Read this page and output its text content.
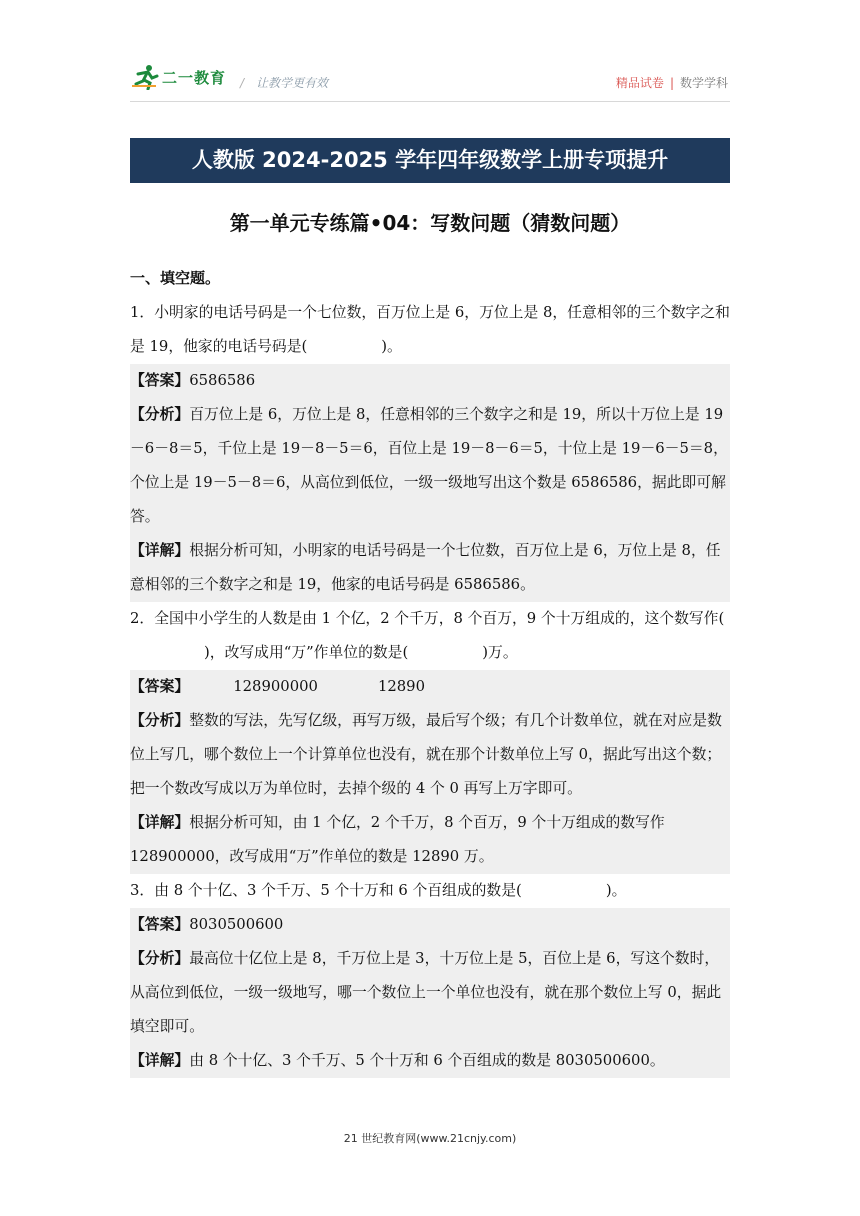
二一教育 / 让教学更有效	精品试卷 | 数学学科
人教版 2024-2025 学年四年级数学上册专项提升
第一单元专练篇•04：写数问题（猜数问题）
一、填空题。

1．小明家的电话号码是一个七位数，百万位上是 6，万位上是 8，任意相邻的三个数字之和是 19，他家的电话号码是(	)。

【答案】6586586

【分析】百万位上是 6，万位上是 8，任意相邻的三个数字之和是 19，所以十万位上是 19－6－8＝5，千位上是 19－8－5＝6，百位上是 19－8－6＝5，十位上是 19－6－5＝8，个位上是 19－5－8＝6，从高位到低位，一级一级地写出这个数是 6586586，据此即可解答。

【详解】根据分析可知，小明家的电话号码是一个七位数，百万位上是 6，万位上是 8，任意相邻的三个数字之和是 19，他家的电话号码是 6586586。

2．全国中小学生的人数是由 1 个亿，2 个千万，8 个百万，9 个十万组成的，这个数写作()，改写成用“万”作单位的数是(	)万。

【答案】	128900000	12890

【分析】整数的写法，先写亿级，再写万级，最后写个级；有几个计数单位，就在对应是数位上写几，哪个数位上一个计算单位也没有，就在那个计数单位上写 0，据此写出这个数；把一个数改写成以万为单位时，去掉个级的 4 个 0 再写上万字即可。

【详解】根据分析可知，由 1 个亿，2 个千万，8 个百万，9 个十万组成的数写作 128900000，改写成用“万”作单位的数是 12890 万。

3．由 8 个十亿、3 个千万、5 个十万和 6 个百组成的数是(	)。

【答案】8030500600

【分析】最高位十亿位上是 8，千万位上是 3，十万位上是 5，百位上是 6，写这个数时，从高位到低位，一级一级地写，哪一个数位上一个单位也没有，就在那个数位上写 0，据此填空即可。

【详解】由 8 个十亿、3 个千万、5 个十万和 6 个百组成的数是 8030500600。

21 世纪教育网(www.21cnjy.com)
